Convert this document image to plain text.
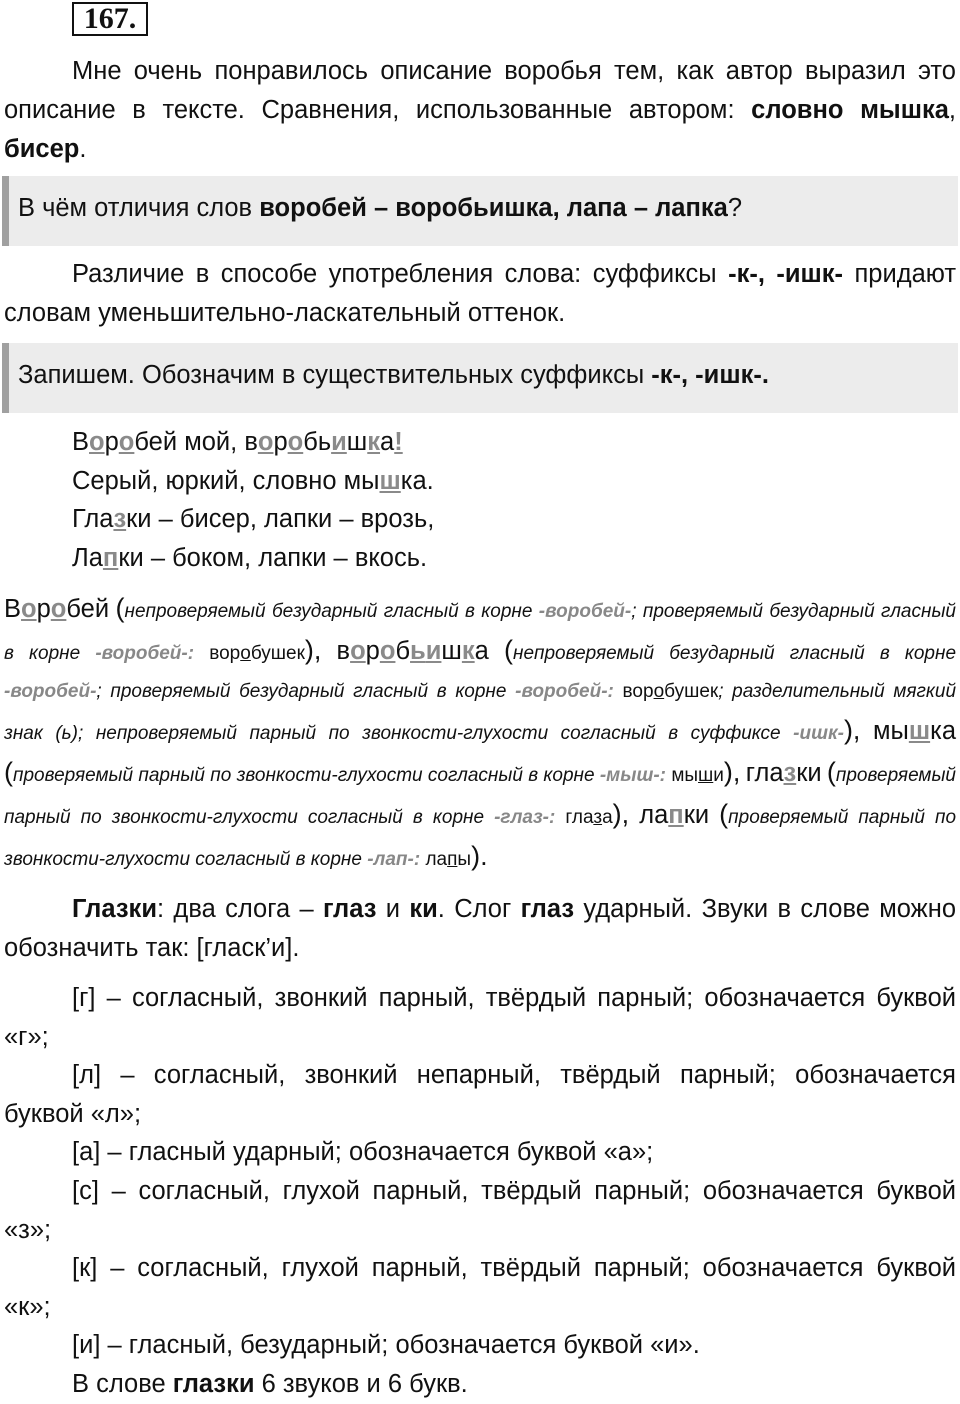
167.
Мне очень понравилось описание воробья тем, как автор выразил это описание в тексте. Сравнения, использованные автором: словно мышка, бисер.
В чём отличия слов воробей – воробьишка, лапа – лапка?
Различие в способе употребления слова: суффиксы -к-, -ишк- придают словам уменьшительно-ласкательный оттенок.
Запишем. Обозначим в существительных суффиксы -к-, -ишк-.

Воробей мой, воробьишка!

Серый, юркий, словно мышка.

Глазки – бисер, лапки – врозь,

Лапки – боком, лапки – вкось.

Воробей (непроверяемый безударный гласный в корне -воробей-; проверяемый безударный гласный в корне -воробей-: воробушек), воробьишка (непроверяемый безударный гласный в корне -воробей-; проверяемый безударный гласный в корне -воробей-: воробушек; разделительный мягкий знак (ь); непроверяемый парный по звонкости-глухости согласный в суффиксе -ишк-), мышка (проверяемый парный по звонкости-глухости согласный в корне -мыш-: мыши), глазки (проверяемый парный по звонкости-глухости согласный в корне -глаз-: глаза), лапки (проверяемый парный по звонкости-глухости согласный в корне -лап-: лапы).
Глазки: два слога – глаз и ки. Слог глаз ударный. Звуки в слове можно обозначить так: [гласк’и].

[г] – согласный, звонкий парный, твёрдый парный; обозначается буквой «г»;

[л] – согласный, звонкий непарный, твёрдый парный; обозначается буквой «л»;

[а] – гласный ударный; обозначается буквой «а»;

[с] – согласный, глухой парный, твёрдый парный; обозначается буквой «з»;

[к] – согласный, глухой парный, твёрдый парный; обозначается буквой «к»;

[и] – гласный, безударный; обозначается буквой «и».

В слове глазки 6 звуков и 6 букв.
